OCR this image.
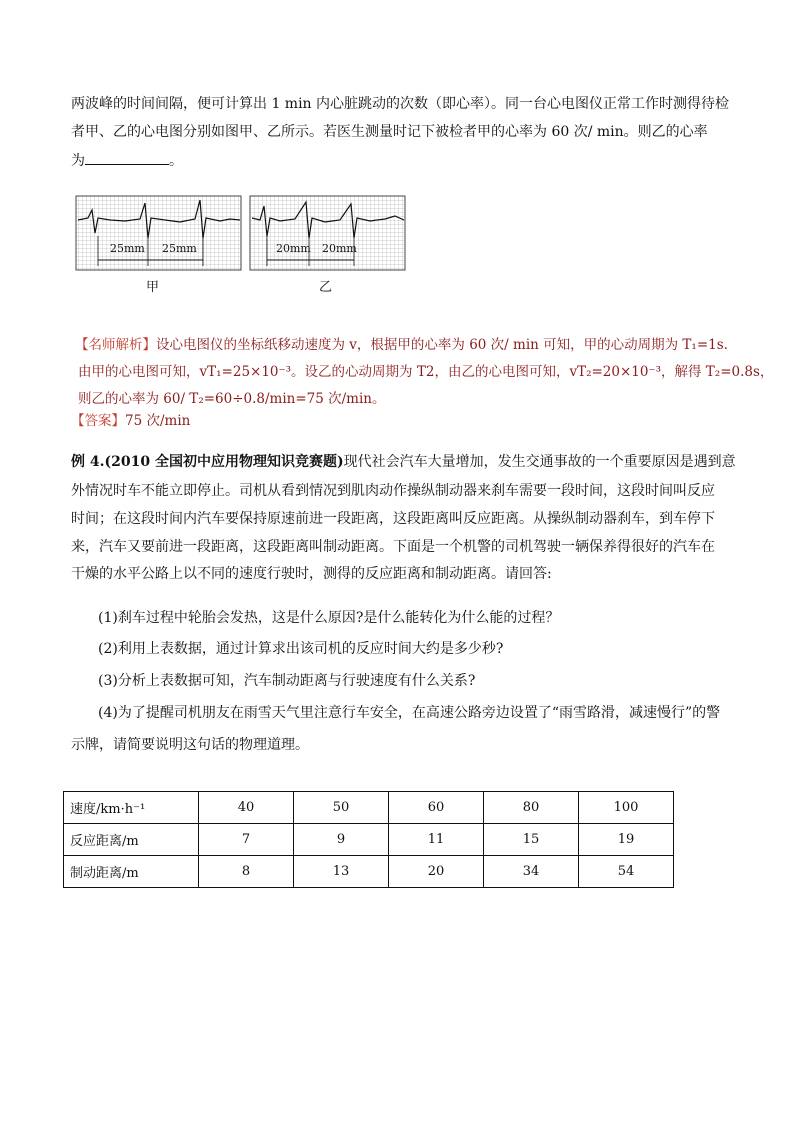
两波峰的时间间隔，便可计算出 1 min 内心脏跳动的次数（即心率）。同一台心电图仪正常工作时测得待检
者甲、乙的心电图分别如图甲、乙所示。若医生测量时记下被检者甲的心率为 60 次/ min。则乙的心率
为	。
25mm 25mm	20mm 20mm
甲	乙
【名师解析】设心电图仪的坐标纸移动速度为 v，根据甲的心率为 60 次/ min 可知，甲的心动周期为 T₁=1s.
由甲的心电图可知，vT₁=25×10⁻³。设乙的心动周期为 T2，由乙的心电图可知，vT₂=20×10⁻³，解得 T₂=0.8s，
则乙的心率为 60/ T₂=60÷0.8/min=75 次/min。
【答案】75 次/min
例 4.(2010 全国初中应用物理知识竞赛题)现代社会汽车大量增加，发生交通事故的一个重要原因是遇到意
外情况时车不能立即停止。司机从看到情况到肌肉动作操纵制动器来刹车需要一段时间，这段时间叫反应
时间；在这段时间内汽车要保持原速前进一段距离，这段距离叫反应距离。从操纵制动器刹车，到车停下
来，汽车又要前进一段距离，这段距离叫制动距离。下面是一个机警的司机驾驶一辆保养得很好的汽车在
干燥的水平公路上以不同的速度行驶时，测得的反应距离和制动距离。请回答:
(1)刹车过程中轮胎会发热，这是什么原因?是什么能转化为什么能的过程？
(2)利用上表数据，通过计算求出该司机的反应时间大约是多少秒?
(3)分析上表数据可知，汽车制动距离与行驶速度有什么关系?
(4)为了提醒司机朋友在雨雪天气里注意行车安全，在高速公路旁边设置了“雨雪路滑，减速慢行”的警
示牌，请简要说明这句话的物理道理。
速度/km·h⁻¹	40	50	60	80	100
反应距离/m	7	9	11	15	19
制动距离/m	8	13	20	34	54
